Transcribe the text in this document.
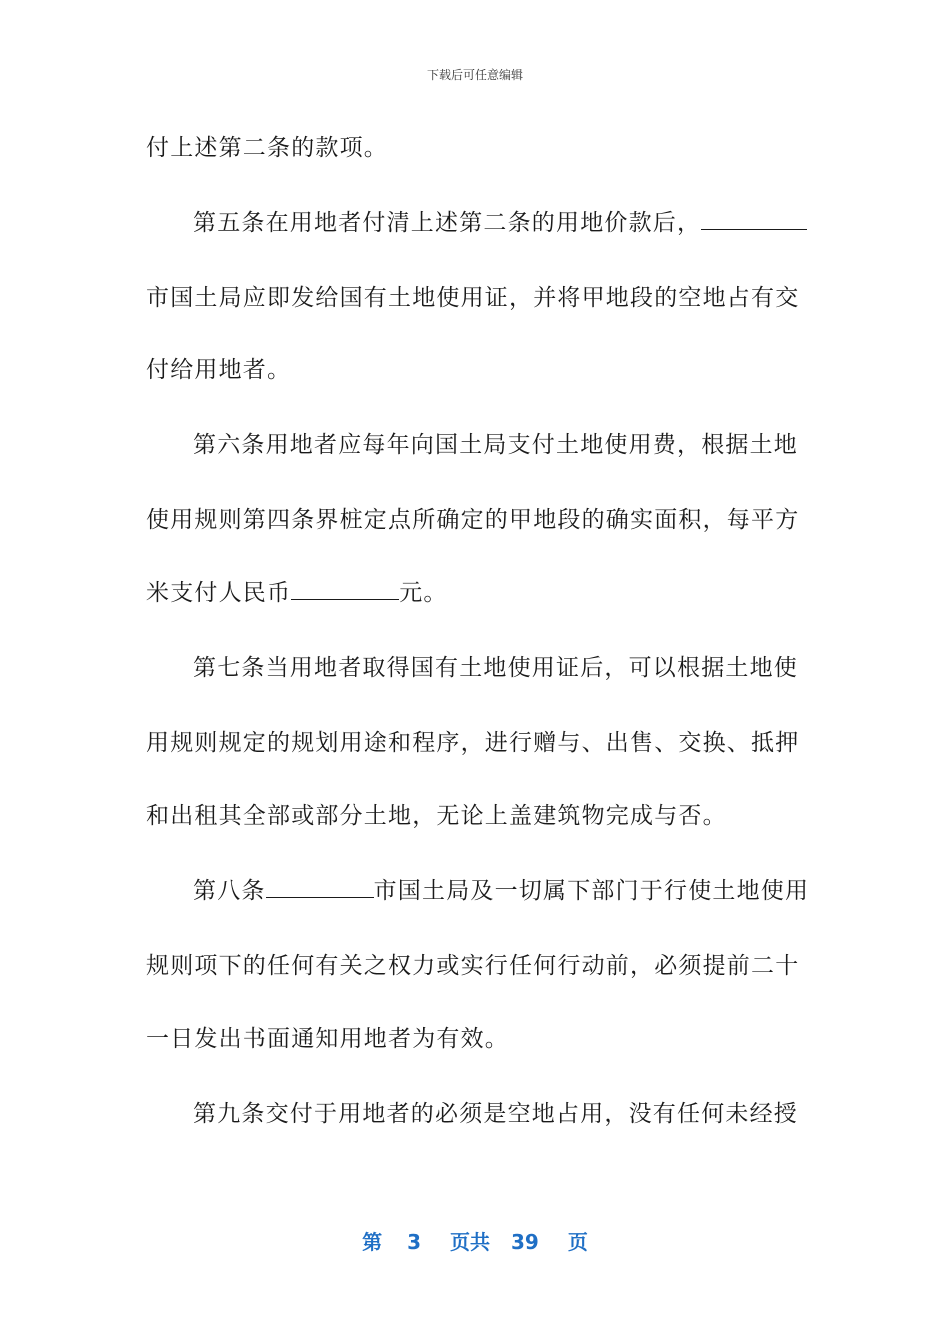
下载后可任意编辑
付上述第二条的款项。
第五条在用地者付清上述第二条的用地价款后，
市国土局应即发给国有土地使用证，并将甲地段的空地占有交
付给用地者。
第六条用地者应每年向国土局支付土地使用费，根据土地
使用规则第四条界桩定点所确定的甲地段的确实面积，每平方
米支付人民币	元。
第七条当用地者取得国有土地使用证后，可以根据土地使
用规则规定的规划用途和程序，进行赠与、出售、交换、抵押
和出租其全部或部分土地，无论上盖建筑物完成与否。
第八条	市国土局及一切属下部门于行使土地使用
规则项下的任何有关之权力或实行任何行动前，必须提前二十
一日发出书面通知用地者为有效。
第九条交付于用地者的必须是空地占用，没有任何未经授
第 3 页共 39 页
